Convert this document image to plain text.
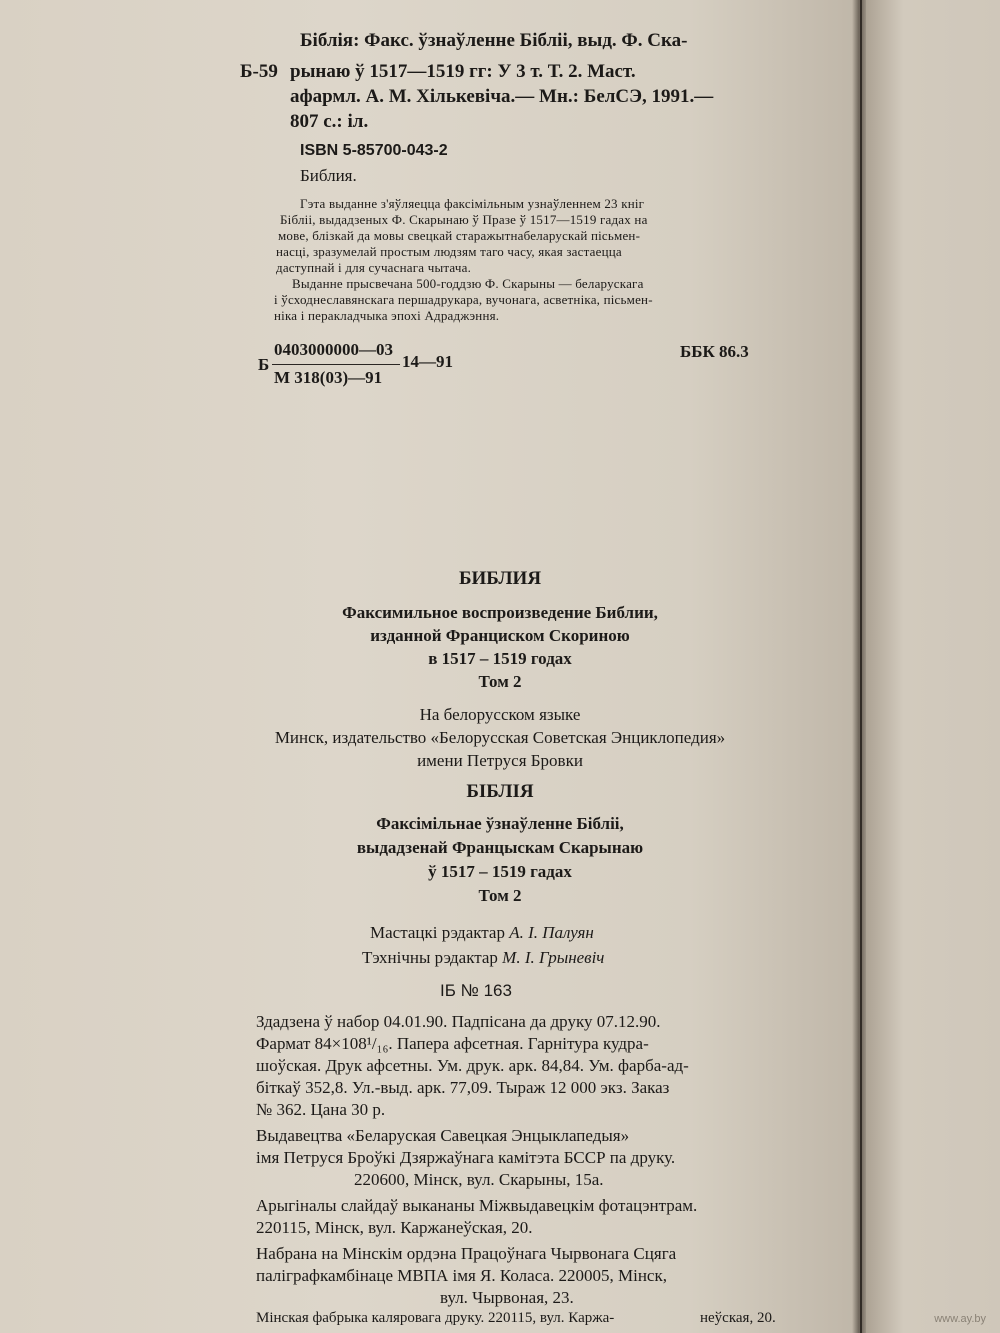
Біблія: Факс. ўзнаўленне Бібліі, выд. Ф. Ска-
Б-59 рынаю ў 1517—1519 гг: У 3 т. Т. 2. Маст.
афармл. А. М. Хількевіча.— Мн.: БелСЭ, 1991.—
807 с.: іл.
ISBN 5-85700-043-2
Библия.
Гэта выданне з'яўляецца факсімільным узнаўленнем 23 кніг
Бібліі, выдадзеных Ф. Скарынаю ў Празе ў 1517—1519 гадах на
мове, блізкай да мовы свецкай старажытнабеларускай пісьмен-
насці, зразумелай простым людзям таго часу, якая застаецца
даступнай і для сучаснага чытача.
Выданне прысвечана 500-годдзю Ф. Скарыны — беларускага
і ўсходнеславянскага першадрукара, вучонага, асветніка, пісьмен-
ніка і перакладчыка эпохі Адраджэння.
Б
0403000000—03
М 318(03)—91
14—91
ББК 86.3
БИБЛИЯ
Факсимильное воспроизведение Библии,
изданной Франциском Скориною
в 1517 – 1519 годах
Том 2
На белорусском языке
Минск, издательство «Белорусская Советская Энциклопедия»
имени Петруся Бровки
БІБЛІЯ
Факсімільнае ўзнаўленне Бібліі,
выдадзенай Францыскам Скарынаю
ў 1517 – 1519 гадах
Том 2
Мастацкі рэдактар А. І. Палуян
Тэхнічны рэдактар М. І. Грыневіч
ІБ № 163
Здадзена ў набор 04.01.90. Падпісана да друку 07.12.90.
Фармат 84×108¹/₁₆. Папера афсетная. Гарнітура кудра-
шоўская. Друк афсетны. Ум. друк. арк. 84,84. Ум. фарба-ад-
біткаў 352,8. Ул.-выд. арк. 77,09. Тыраж 12 000 экз. Заказ
№ 362. Цана 30 р.
Выдавецтва «Беларуская Савецкая Энцыклапедыя»
імя Петруся Броўкі Дзяржаўнага камітэта БССР па друку.
220600, Мінск, вул. Скарыны, 15а.
Арыгіналы слайдаў выкананы Міжвыдавецкім фотацэнтрам.
220115, Мінск, вул. Каржанеўская, 20.
Набрана на Мінскім ордэна Працоўнага Чырвонага Сцяга
паліграфкамбінаце МВПА імя Я. Коласа. 220005, Мінск,
вул. Чырвоная, 23.
Мінская фабрыка каляровага друку. 220115, вул. Каржа-	неўская, 20.	www.ay.by
